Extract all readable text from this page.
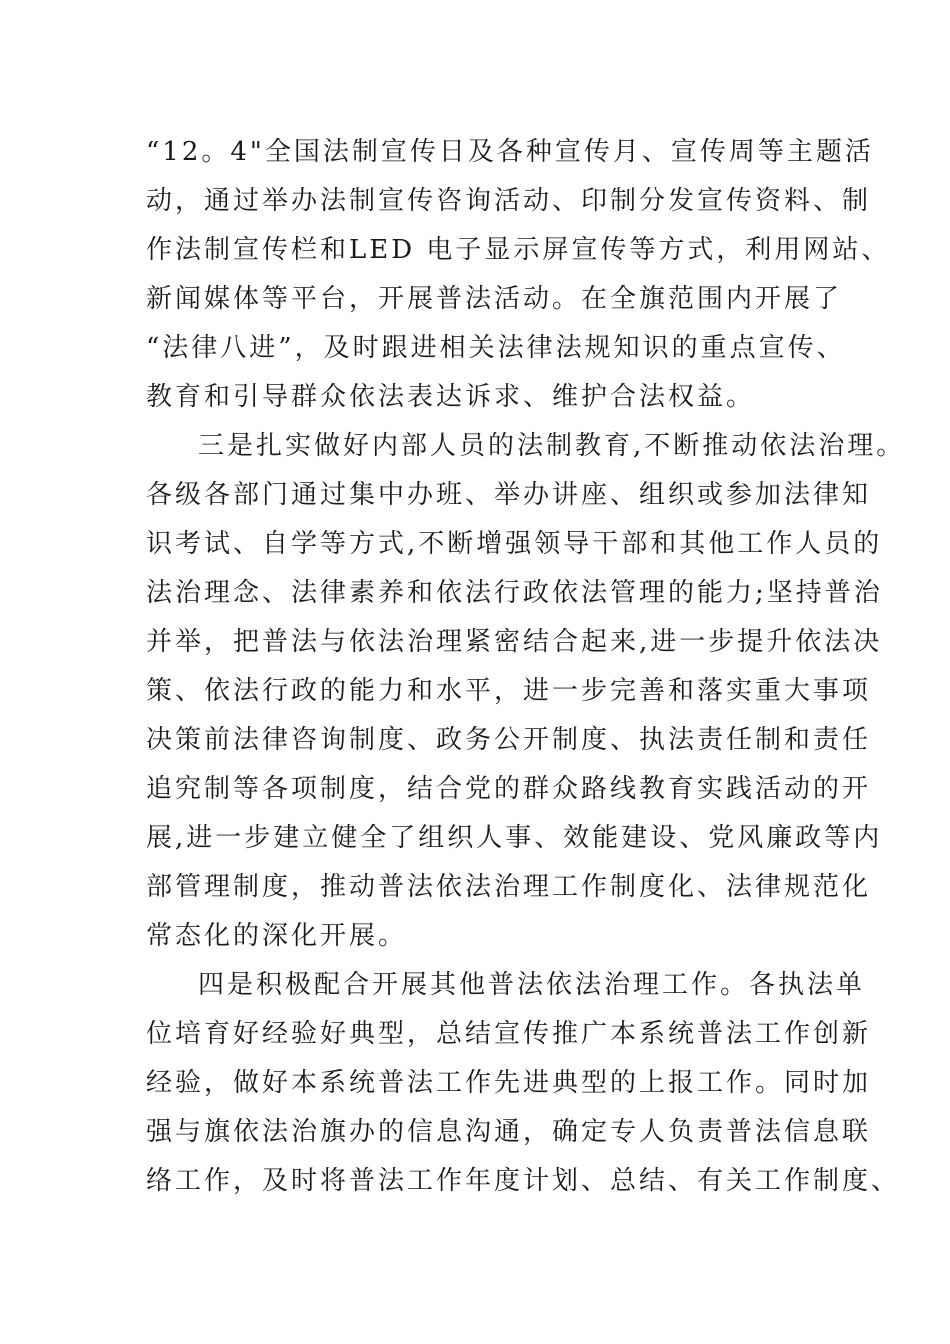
“12。4"全国法制宣传日及各种宣传月、宣传周等主题活
动，通过举办法制宣传咨询活动、印制分发宣传资料、制
作法制宣传栏和LED 电子显示屏宣传等方式，利用网站、
新闻媒体等平台，开展普法活动。在全旗范围内开展了
“法律八进”，及时跟进相关法律法规知识的重点宣传、
教育和引导群众依法表达诉求、维护合法权益。
三是扎实做好内部人员的法制教育,不断推动依法治理。
各级各部门通过集中办班、举办讲座、组织或参加法律知
识考试、自学等方式,不断增强领导干部和其他工作人员的
法治理念、法律素养和依法行政依法管理的能力;坚持普治
并举，把普法与依法治理紧密结合起来,进一步提升依法决
策、依法行政的能力和水平，进一步完善和落实重大事项
决策前法律咨询制度、政务公开制度、执法责任制和责任
追究制等各项制度，结合党的群众路线教育实践活动的开
展,进一步建立健全了组织人事、效能建设、党风廉政等内
部管理制度，推动普法依法治理工作制度化、法律规范化
常态化的深化开展。
四是积极配合开展其他普法依法治理工作。各执法单
位培育好经验好典型，总结宣传推广本系统普法工作创新
经验，做好本系统普法工作先进典型的上报工作。同时加
强与旗依法治旗办的信息沟通，确定专人负责普法信息联
络工作，及时将普法工作年度计划、总结、有关工作制度、
